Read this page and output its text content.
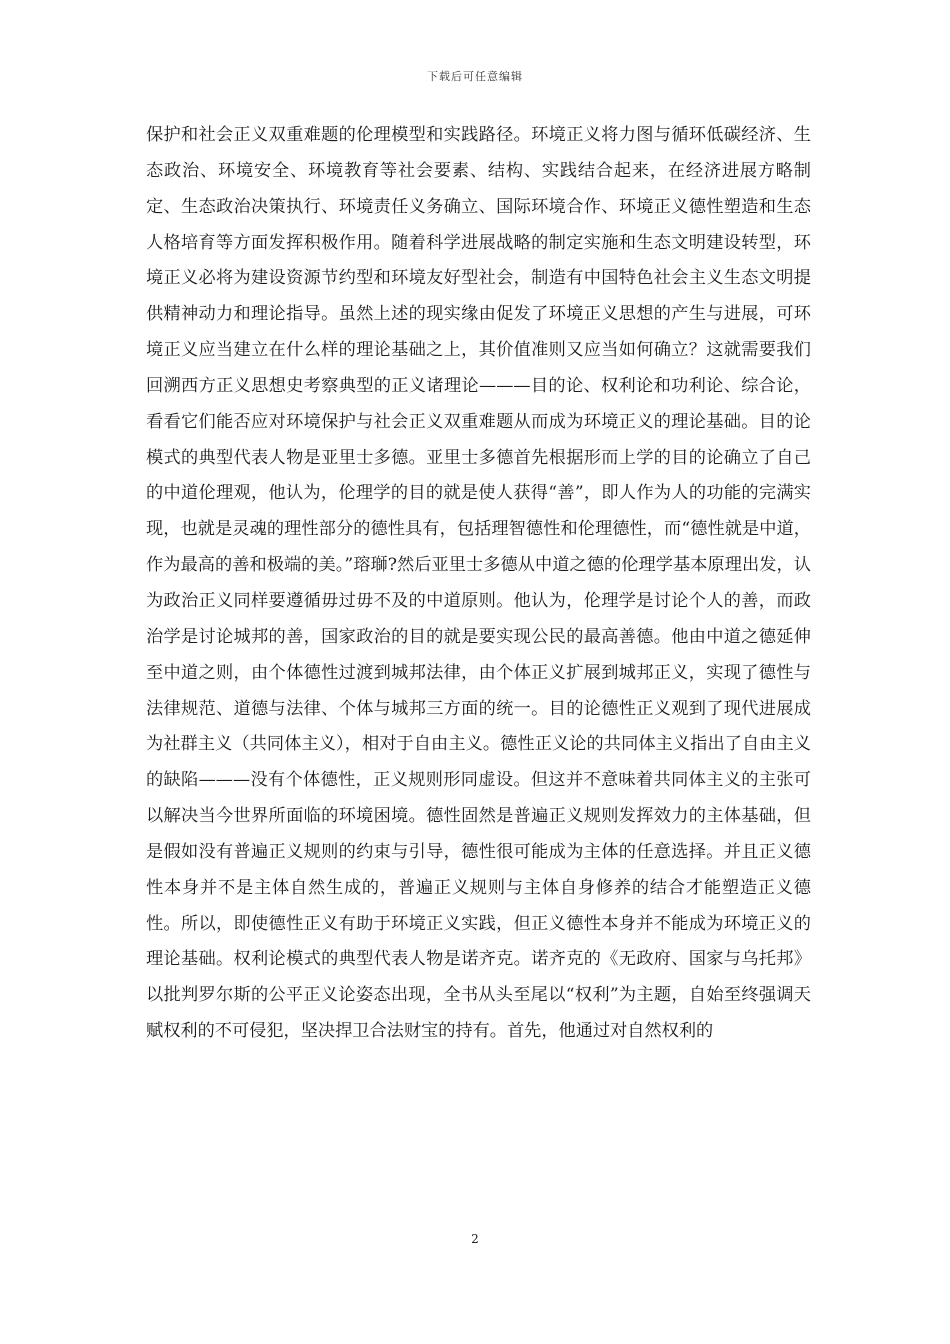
下载后可任意编辑

保护和社会正义双重难题的伦理模型和实践路径。环境正义将力图与循环低碳经济、生态政治、环境安全、环境教育等社会要素、结构、实践结合起来，在经济进展方略制定、生态政治决策执行、环境责任义务确立、国际环境合作、环境正义德性塑造和生态人格培育等方面发挥积极作用。随着科学进展战略的制定实施和生态文明建设转型，环境正义必将为建设资源节约型和环境友好型社会，制造有中国特色社会主义生态文明提供精神动力和理论指导。虽然上述的现实缘由促发了环境正义思想的产生与进展，可环境正义应当建立在什么样的理论基础之上，其价值准则又应当如何确立？这就需要我们回溯西方正义思想史考察典型的正义诸理论———目的论、权利论和功利论、综合论，看看它们能否应对环境保护与社会正义双重难题从而成为环境正义的理论基础。目的论模式的典型代表人物是亚里士多德。亚里士多德首先根据形而上学的目的论确立了自己的中道伦理观，他认为，伦理学的目的就是使人获得“善”，即人作为人的功能的完满实现，也就是灵魂的理性部分的德性具有，包括理智德性和伦理德性，而“德性就是中道，作为最高的善和极端的美。”瑢瑡?然后亚里士多德从中道之德的伦理学基本原理出发，认为政治正义同样要遵循毋过毋不及的中道原则。他认为，伦理学是讨论个人的善，而政治学是讨论城邦的善，国家政治的目的就是要实现公民的最高善德。他由中道之德延伸至中道之则，由个体德性过渡到城邦法律，由个体正义扩展到城邦正义，实现了德性与法律规范、道德与法律、个体与城邦三方面的统一。目的论德性正义观到了现代进展成为社群主义（共同体主义），相对于自由主义。德性正义论的共同体主义指出了自由主义的缺陷———没有个体德性，正义规则形同虚设。但这并不意味着共同体主义的主张可以解决当今世界所面临的环境困境。德性固然是普遍正义规则发挥效力的主体基础，但是假如没有普遍正义规则的约束与引导，德性很可能成为主体的任意选择。并且正义德性本身并不是主体自然生成的，普遍正义规则与主体自身修养的结合才能塑造正义德性。所以，即使德性正义有助于环境正义实践，但正义德性本身并不能成为环境正义的理论基础。权利论模式的典型代表人物是诺齐克。诺齐克的《无政府、国家与乌托邦》以批判罗尔斯的公平正义论姿态出现，全书从头至尾以“权利”为主题，自始至终强调天赋权利的不可侵犯，坚决捍卫合法财宝的持有。首先，他通过对自然权利的

2
